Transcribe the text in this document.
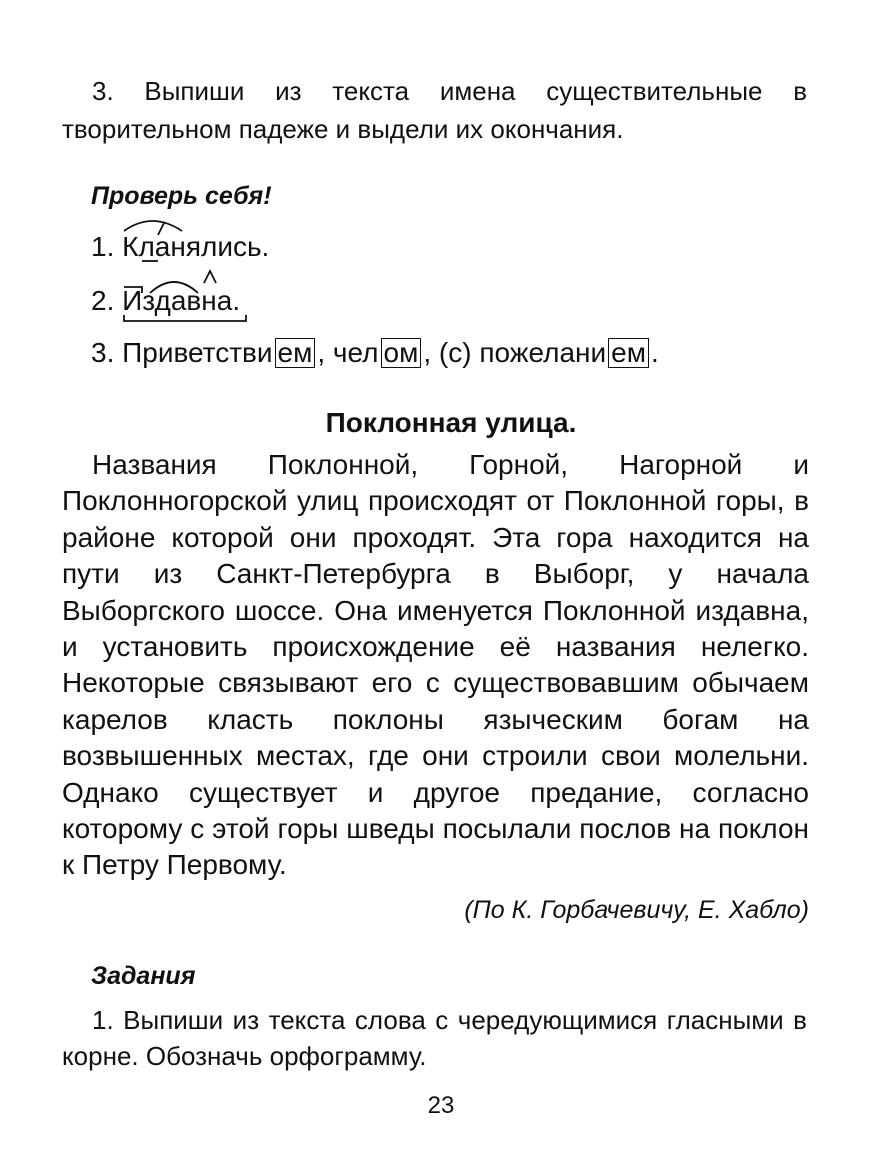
3. Выпиши из текста имена существительные в творительном падеже и выдели их окончания.
Проверь себя!
1. Кланялись.
2. Издавна.
3. Приветстви ем , чел ом , (с) пожелани ем .
Поклонная улица.
Названия Поклонной, Горной, Нагорной и Поклонногорской улиц происходят от Поклонной горы, в районе которой они проходят. Эта гора находится на пути из Санкт-Петербурга в Выборг, у начала Выборгского шоссе. Она именуется Поклонной издавна, и установить происхождение её названия нелегко. Некоторые связывают его с существовавшим обычаем карелов класть поклоны языческим богам на возвышенных местах, где они строили свои молельни. Однако существует и другое предание, согласно которому с этой горы шведы посылали послов на поклон к Петру Первому.
(По К. Горбачевичу, Е. Хабло)
Задания
1. Выпиши из текста слова с чередующимися гласными в корне. Обозначь орфограмму.
23
